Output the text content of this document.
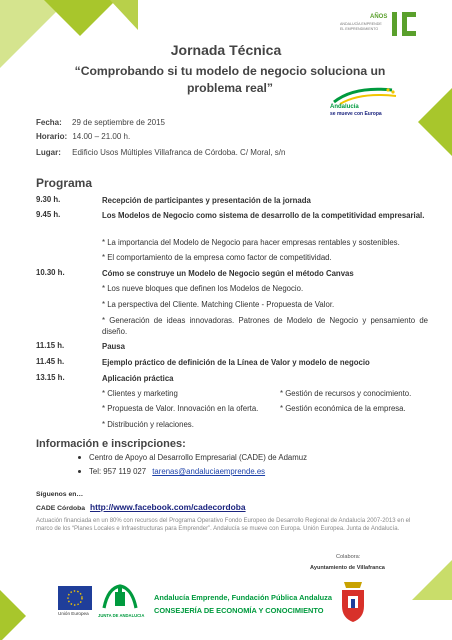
AÑOS
ANDALUCÍA EMPRENDE
EL EMPRENDIMIENTO
Jornada Técnica
“Comprobando si tu modelo de negocio soluciona un problema real”
Andalucía
se mueve con Europa
Fecha: 29 de septiembre de 2015
Horario: 14.00 – 21.00 h.
Lugar: Edificio Usos Múltiples Villafranca de Córdoba. C/ Moral, s/n
Programa
9.30 h.	Recepción de participantes y presentación de la jornada
9.45 h.	Los Modelos de Negocio como sistema de desarrollo de la competitividad empresarial.
* La importancia del Modelo de Negocio para hacer empresas rentables y sostenibles.
* El comportamiento de la empresa como factor de competitividad.
10.30 h.	Cómo se construye un Modelo de Negocio según el método Canvas
* Los nueve bloques que definen los Modelos de Negocio.
* La perspectiva del Cliente. Matching Cliente - Propuesta de Valor.
* Generación de ideas innovadoras. Patrones de Modelo de Negocio y pensamiento de diseño.
11.15 h.	Pausa
11.45 h.	Ejemplo práctico de definición de la Línea de Valor y modelo de negocio
13.15 h.	Aplicación práctica
* Clientes y marketing
* Propuesta de Valor. Innovación en la oferta.
* Distribución y relaciones.
* Gestión de recursos y conocimiento.
* Gestión económica de la empresa.
Información e inscripciones:
Centro de Apoyo al Desarrollo Empresarial (CADE) de Adamuz
Tel: 957 119 027 tarenas@andaluciaemprende.es
Síguenos en…
CADE Córdoba http://www.facebook.com/cadecordoba
Actuación financiada en un 80% con recursos del Programa Operativo Fondo Europeo de Desarrollo Regional de Andalucía 2007-2013 en el marco de los “Planes Locales e Infraestructuras para Emprender”. Andalucía se mueve con Europa. Unión Europea. Junta de Andalucía.
Colabora:
Ayuntamiento de Villafranca
Unión Europea JUNTA DE ANDALUCIA
Andalucía Emprende, Fundación Pública Andaluza
CONSEJERÍA DE ECONOMÍA Y CONOCIMIENTO
